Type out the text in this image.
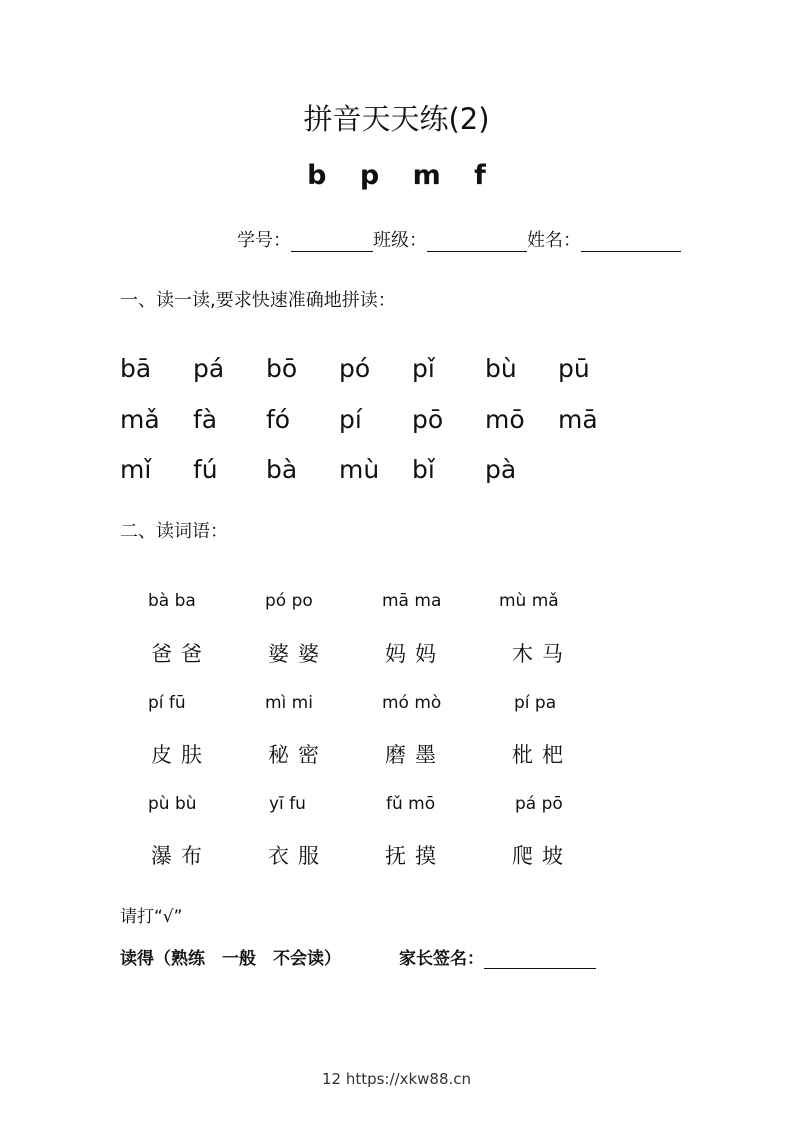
拼音天天练(2)
b p m f
学号：	班级：	姓名：
一、读一读,要求快速准确地拼读：
bā	pá	bō	pó	pǐ	bù	pū
mǎ	fà	fó	pí	pō	mō	mā
mǐ	fú	bà	mù	bǐ	pà
二、读词语：
bà ba	pó po	mā ma	mù mǎ
爸爸	婆婆	妈妈	木马
pí fū	mì mi	mó mò	pí pa
皮肤	秘密	磨墨	枇杷
pù bù	yī fu	fǔ mō	pá pō
瀑布	衣服	抚摸	爬坡
请打“√”
读得（熟练　一般　不会读）	家长签名：
12 https://xkw88.cn
